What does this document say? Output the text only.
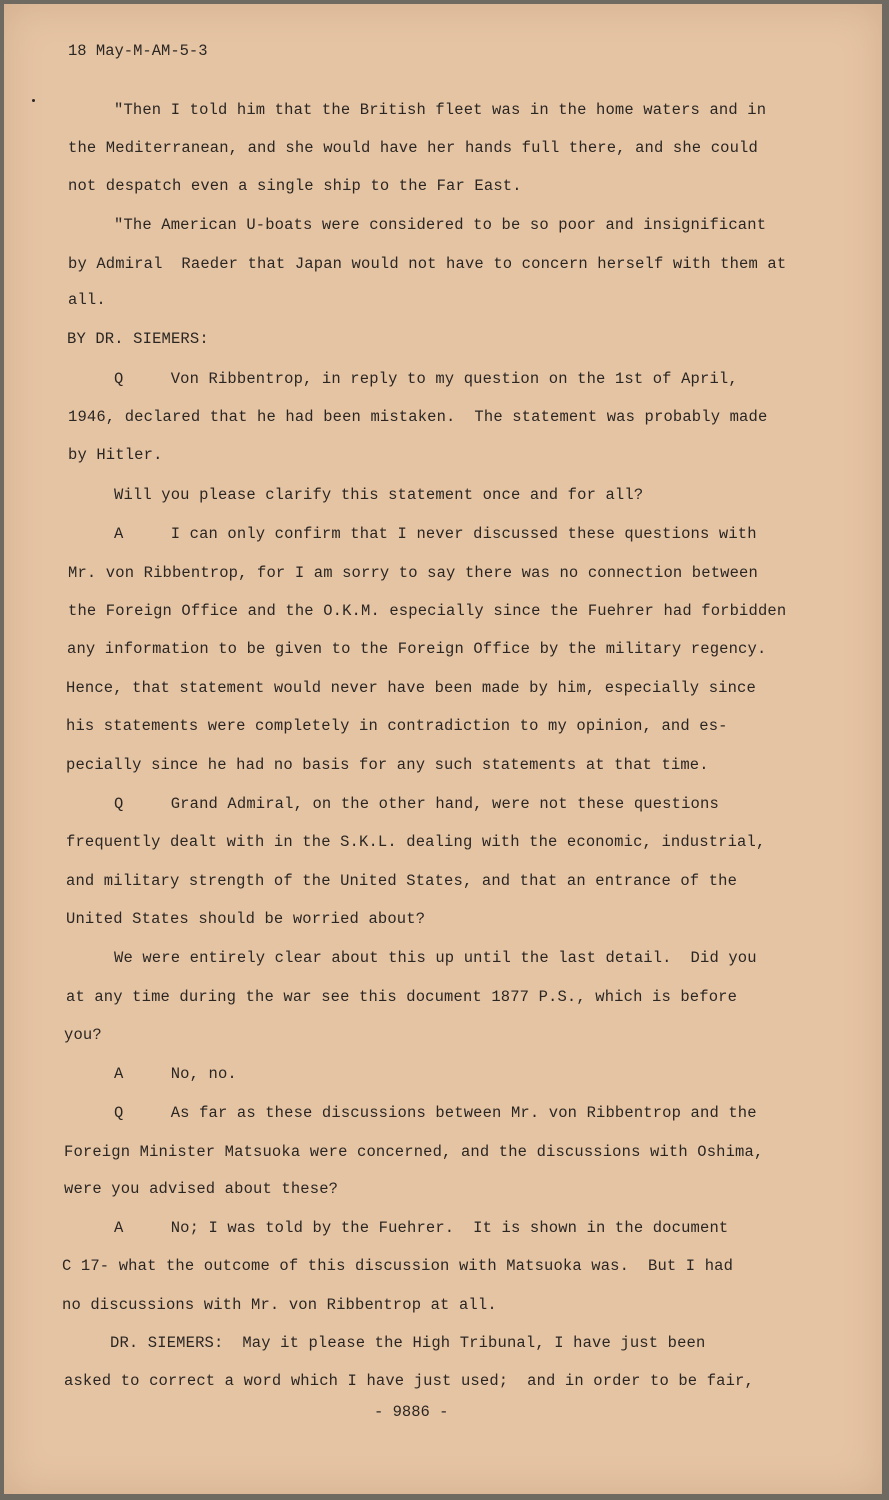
18 May-M-AM-5-3
"Then I told him that the British fleet was in the home waters and in
the Mediterranean, and she would have her hands full there, and she could
not despatch even a single ship to the Far East.
"The American U-boats were considered to be so poor and insignificant
by Admiral  Raeder that Japan would not have to concern herself with them at
all.
BY DR. SIEMERS:
Q     Von Ribbentrop, in reply to my question on the 1st of April,
1946, declared that he had been mistaken.  The statement was probably made
by Hitler.
Will you please clarify this statement once and for all?
A     I can only confirm that I never discussed these questions with
Mr. von Ribbentrop, for I am sorry to say there was no connection between
the Foreign Office and the O.K.M. especially since the Fuehrer had forbidden
any information to be given to the Foreign Office by the military regency.
Hence, that statement would never have been made by him, especially since
his statements were completely in contradiction to my opinion, and es-
pecially since he had no basis for any such statements at that time.
Q     Grand Admiral, on the other hand, were not these questions
frequently dealt with in the S.K.L. dealing with the economic, industrial,
and military strength of the United States, and that an entrance of the
United States should be worried about?
We were entirely clear about this up until the last detail.  Did you
at any time during the war see this document 1877 P.S., which is before
you?
A     No, no.
Q     As far as these discussions between Mr. von Ribbentrop and the
Foreign Minister Matsuoka were concerned, and the discussions with Oshima,
were you advised about these?
A     No; I was told by the Fuehrer.  It is shown in the document
C 17- what the outcome of this discussion with Matsuoka was.  But I had
no discussions with Mr. von Ribbentrop at all.
DR. SIEMERS:  May it please the High Tribunal, I have just been
asked to correct a word which I have just used;  and in order to be fair,
- 9886 -
